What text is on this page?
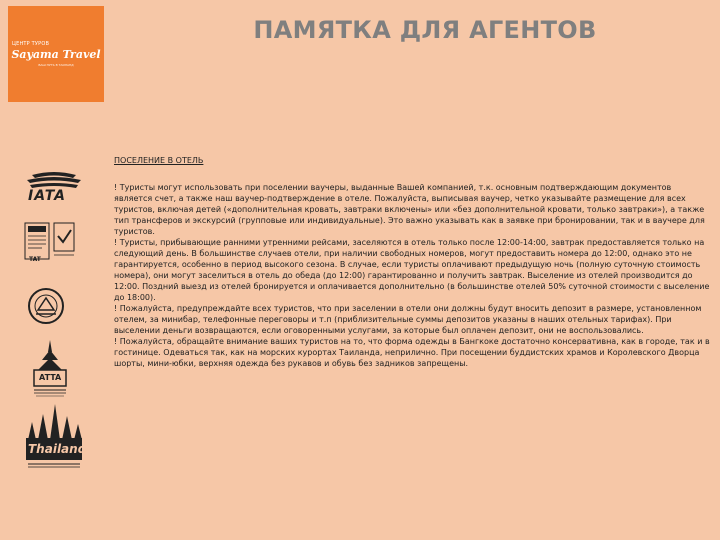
ЦЕНТР ТУРОВ
Sayama Travel
ВАШ ПУТЬ В ТАИЛАНД
ПАМЯТКА ДЛЯ АГЕНТОВ
ПОСЕЛЕНИЕ В ОТЕЛЬ

! Туристы могут использовать при поселении ваучеры, выданные Вашей компанией, т.к. основным подтверждающим документов является счет, а также наш ваучер-подтверждение в отеле. Пожалуйста, выписывая ваучер, четко указывайте размещение для всех туристов, включая детей («дополнительная кровать, завтраки включены» или «без дополнительной кровати, только завтраки»), а также тип трансферов и экскурсий (групповые или индивидуальные). Это важно указывать как в заявке при бронировании, так и в ваучере для туристов.

! Туристы, прибывающие ранними утренними рейсами, заселяются в отель только после 12:00-14:00, завтрак предоставляется только на следующий день. В большинстве случаев отели, при наличии свободных номеров, могут предоставить номера до 12:00, однако это не гарантируется, особенно в период высокого сезона. В случае, если туристы оплачивают предыдущую ночь (полную суточную стоимость номера), они могут заселиться в отель до обеда (до 12:00) гарантированно и получить завтрак. Выселение из отелей производится до 12:00. Поздний выезд из отелей бронируется и оплачивается дополнительно (в большинстве отелей 50% суточной стоимости с выселение до 18:00).

! Пожалуйста, предупреждайте всех туристов, что при заселении в отели они должны будут вносить депозит в размере, установленном отелем, за минибар, телефонные переговоры и т.п (приблизительные суммы депозитов указаны в наших отельных тарифах). При выселении деньги возвращаются, если оговоренными услугами, за которые был оплачен депозит, они не воспользовались.

! Пожалуйста, обращайте внимание ваших туристов на то, что форма одежды в Бангкоке достаточно консервативна, как в городе, так и в гостинице. Одеваться так, как на морских курортах Таиланда, неприлично. При посещении буддистских храмов и Королевского Дворца шорты, мини-юбки, верхняя одежда без рукавов и обувь без задников запрещены.

IATA
TAT
ATTA
Thailand
